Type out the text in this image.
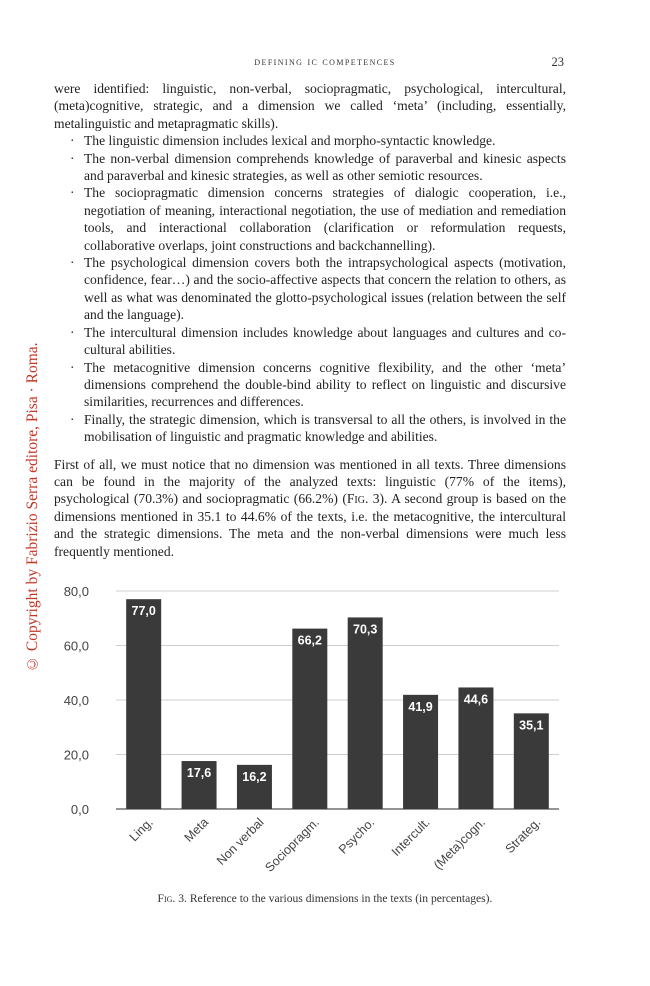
defining ic competences	23
© Copyright by Fabrizio Serra editore, Pisa · Roma.

were identified: linguistic, non-verbal, sociopragmatic, psychological, intercultural, (meta)cognitive, strategic, and a dimension we called ‘meta’ (including, essentially, metalinguistic and metapragmatic skills).

· The linguistic dimension includes lexical and morpho-syntactic knowledge.
· The non-verbal dimension comprehends knowledge of paraverbal and kinesic aspects and paraverbal and kinesic strategies, as well as other semiotic resources.
· The sociopragmatic dimension concerns strategies of dialogic cooperation, i.e., negotiation of meaning, interactional negotiation, the use of mediation and remediation tools, and interactional collaboration (clarification or reformulation requests, collaborative overlaps, joint constructions and backchannelling).
· The psychological dimension covers both the intrapsychological aspects (motivation, confidence, fear…) and the socio-affective aspects that concern the relation to others, as well as what was denominated the glotto-psychological issues (relation between the self and the language).
· The intercultural dimension includes knowledge about languages and cultures and co-cultural abilities.
· The metacognitive dimension concerns cognitive flexibility, and the other ‘meta’ dimensions comprehend the double-bind ability to reflect on linguistic and discursive similarities, recurrences and differences.
· Finally, the strategic dimension, which is transversal to all the others, is involved in the mobilisation of linguistic and pragmatic knowledge and abilities.

First of all, we must notice that no dimension was mentioned in all texts. Three dimensions can be found in the majority of the analyzed texts: linguistic (77% of the items), psychological (70.3%) and sociopragmatic (66.2%) (Fig. 3). A second group is based on the dimensions mentioned in 35.1 to 44.6% of the texts, i.e. the metacognitive, the intercultural and the strategic dimensions. The meta and the non-verbal dimensions were much less frequently mentioned.

0,0
20,0
40,0
60,0
80,0
77,0
Ling.
17,6
Meta
16,2
Non verbal
66,2
Sociopragm.
70,3
Psycho.
41,9
Intercult.
44,6
(Meta)cogn.
35,1
Strateg.
Fig. 3. Reference to the various dimensions in the texts (in percentages).
